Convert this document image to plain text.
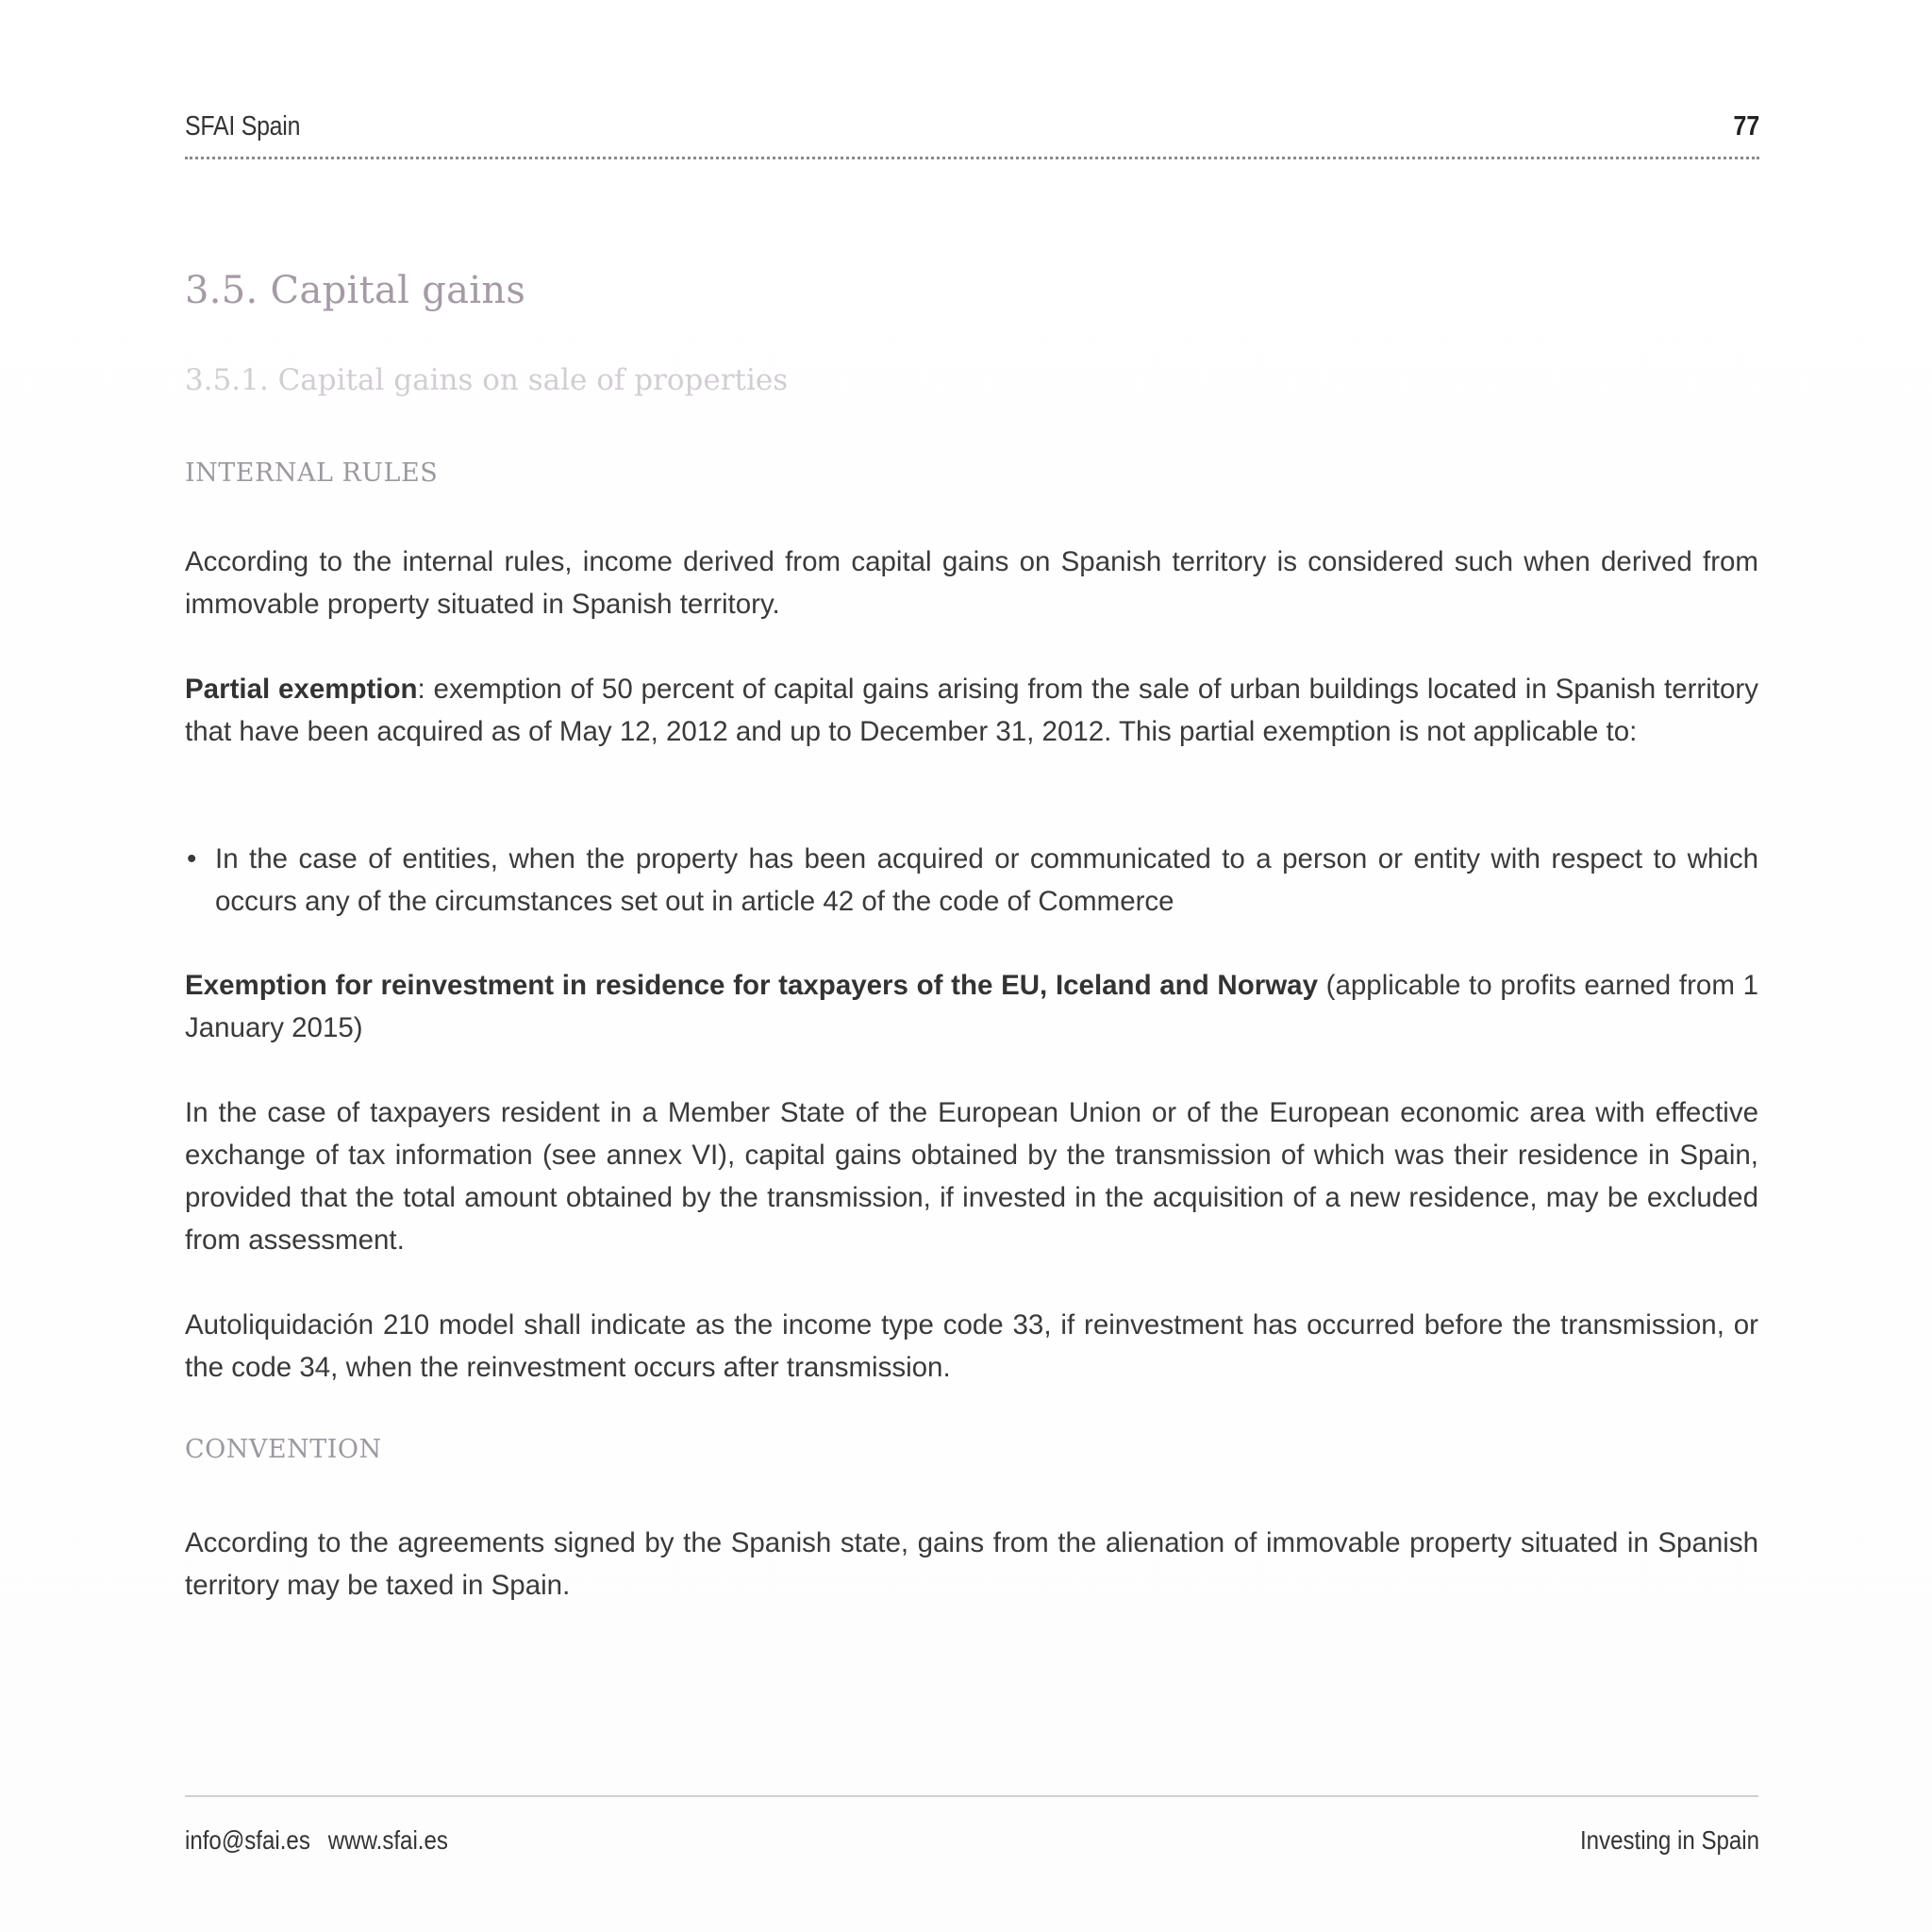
SFAI Spain	77
3.5. Capital gains
3.5.1. Capital gains on sale of properties
INTERNAL RULES
According to the internal rules, income derived from capital gains on Spanish territory is considered such when derived from immovable property situated in Spanish territory.
Partial exemption: exemption of 50 percent of capital gains arising from the sale of urban buildings located in Spanish territory that have been acquired as of May 12, 2012 and up to December 31, 2012. This partial exemption is not applicable to:
• In the case of entities, when the property has been acquired or communicated to a person or entity with respect to which occurs any of the circumstances set out in article 42 of the code of Commerce
Exemption for reinvestment in residence for taxpayers of the EU, Iceland and Norway (applicable to profits earned from 1 January 2015)
In the case of taxpayers resident in a Member State of the European Union or of the European economic area with effective exchange of tax information (see annex VI), capital gains obtained by the transmission of which was their residence in Spain, provided that the total amount obtained by the transmission, if invested in the acquisition of a new residence, may be excluded from assessment.
Autoliquidación 210 model shall indicate as the income type code 33, if reinvestment has occurred before the transmission, or the code 34, when the reinvestment occurs after transmission.
CONVENTION
According to the agreements signed by the Spanish state, gains from the alienation of immovable property situated in Spanish territory may be taxed in Spain.
info@sfai.es www.sfai.es	Investing in Spain
